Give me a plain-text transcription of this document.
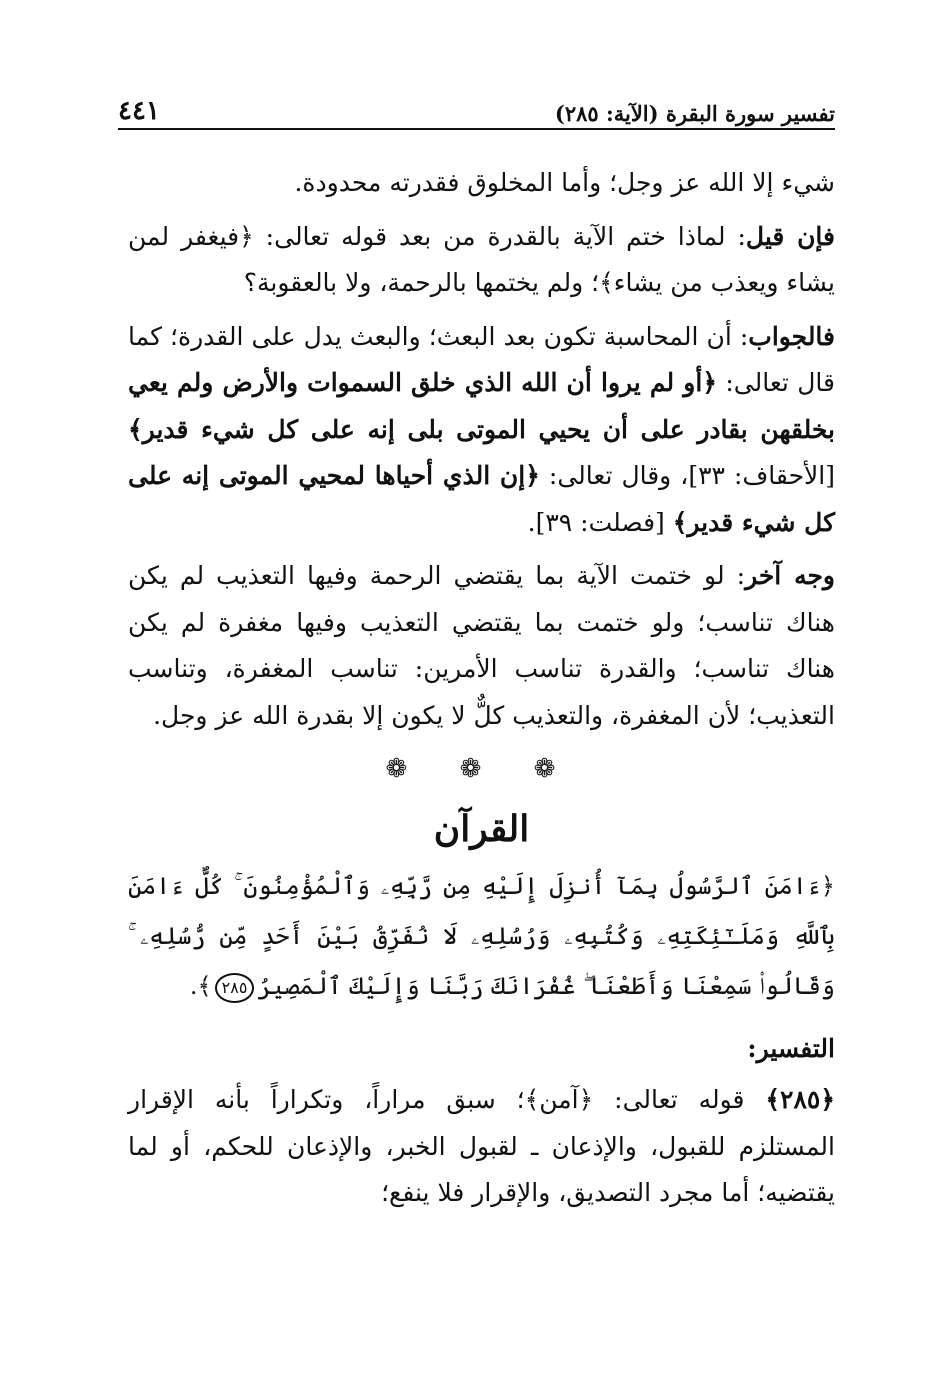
تفسير سورة البقرة (الآية: ٢٨٥)
٤٤١

شيء إلا الله عز وجل؛ وأما المخلوق فقدرته محدودة.

فإن قيل: لماذا ختم الآية بالقدرة من بعد قوله تعالى: ﴿فيغفر لمن يشاء ويعذب من يشاء﴾؛ ولم يختمها بالرحمة، ولا بالعقوبة؟

فالجواب: أن المحاسبة تكون بعد البعث؛ والبعث يدل على القدرة؛ كما قال تعالى: ﴿أو لم يروا أن الله الذي خلق السموات والأرض ولم يعي بخلقهن بقادر على أن يحيي الموتى بلى إنه على كل شيء قدير﴾ [الأحقاف: ٣٣]، وقال تعالى: ﴿إن الذي أحياها لمحيي الموتى إنه على كل شيء قدير﴾ [فصلت: ٣٩].

وجه آخر: لو ختمت الآية بما يقتضي الرحمة وفيها التعذيب لم يكن هناك تناسب؛ ولو ختمت بما يقتضي التعذيب وفيها مغفرة لم يكن هناك تناسب؛ والقدرة تناسب الأمرين: تناسب المغفرة، وتناسب التعذيب؛ لأن المغفرة، والتعذيب كلٌّ لا يكون إلا بقدرة الله عز وجل.

❁ ❁ ❁
القرآن

﴿ءَامَنَ ٱلرَّسُولُ بِمَآ أُنزِلَ إِلَيْهِ مِن رَّبِّهِۦ وَٱلْمُؤْمِنُونَ ۚ كُلٌّ ءَامَنَ بِٱللَّهِ وَمَلَـٰٓئِكَتِهِۦ وَكُتُبِهِۦ وَرُسُلِهِۦ لَا نُفَرِّقُ بَيْنَ أَحَدٍ مِّن رُّسُلِهِۦ ۚ وَقَالُوا۟ سَمِعْنَا وَأَطَعْنَا ۖ غُفْرَانَكَ رَبَّنَا وَإِلَيْكَ ٱلْمَصِيرُ٢٨٥﴾.

التفسير:

﴿٢٨٥﴾ قوله تعالى: ﴿آمن﴾؛ سبق مراراً، وتكراراً بأنه الإقرار المستلزم للقبول، والإذعان ـ لقبول الخبر، والإذعان للحكم، أو لما يقتضيه؛ أما مجرد التصديق، والإقرار فلا ينفع؛
